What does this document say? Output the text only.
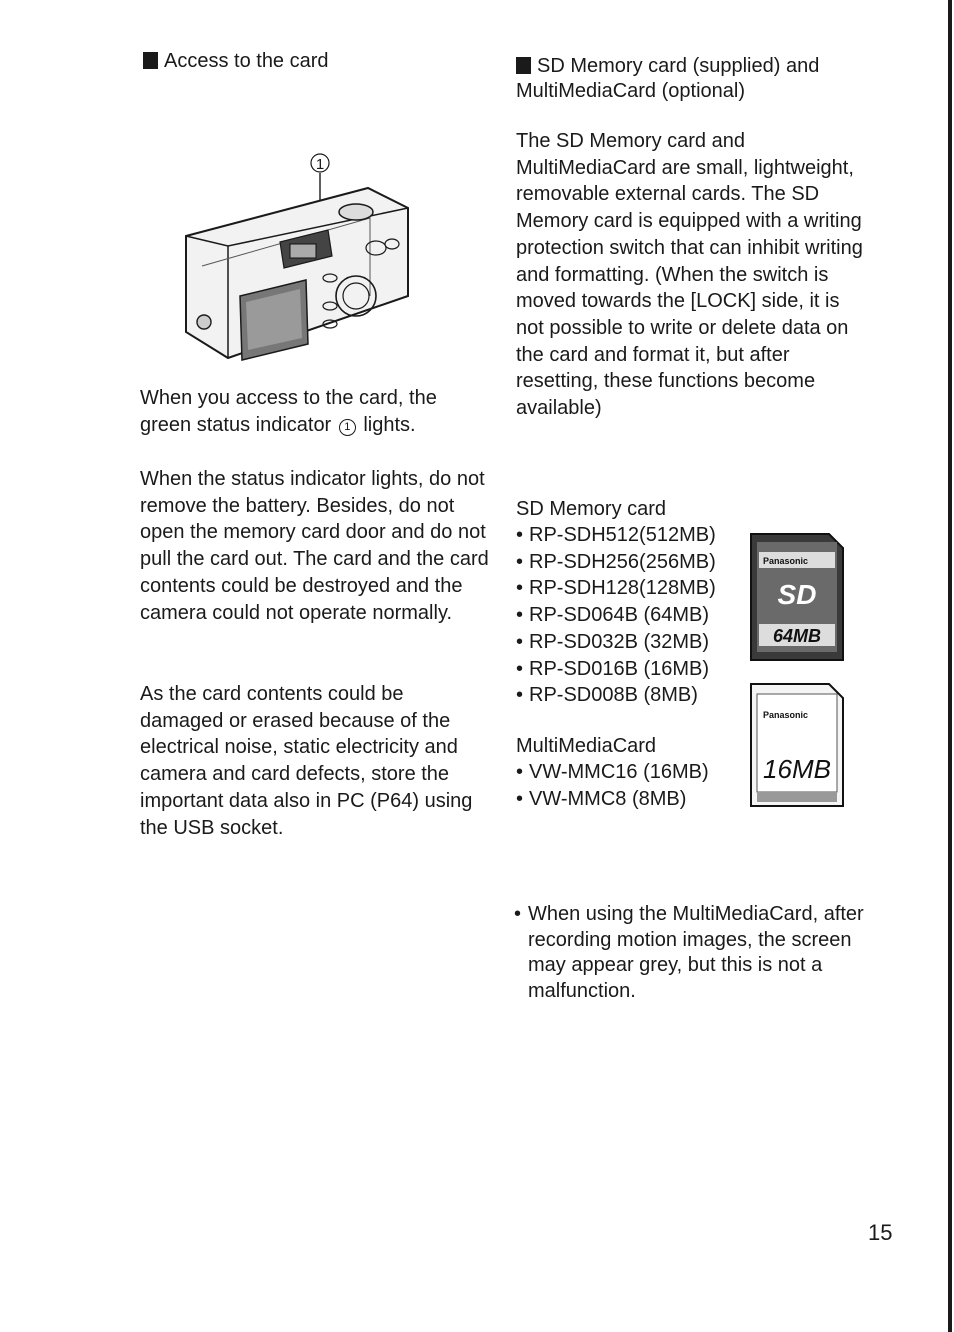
Access to the card
1

When you access to the card, the green status indicator 1 lights.

When the status indicator lights, do not remove the battery. Besides, do not open the memory card door and do not pull the card out. The card and the card contents could be destroyed and the camera could not operate normally.

As the card contents could be damaged or erased because of the electrical noise, static electricity and camera and card defects, store the important data also in PC (P64) using the USB socket.

SD Memory card (supplied) and
MultiMediaCard (optional)

The SD Memory card and MultiMediaCard are small, lightweight, removable external cards. The SD Memory card is equipped with a writing protection switch that can inhibit writing and formatting. (When the switch is moved towards the [LOCK] side, it is not possible to write or delete data on the card and format it, but after resetting, these functions become available)

SD Memory card
• RP-SDH512(512MB)
• RP-SDH256(256MB)
• RP-SDH128(128MB)
• RP-SD064B (64MB)
• RP-SD032B (32MB)
• RP-SD016B (16MB)
• RP-SD008B (8MB)
MultiMediaCard
• VW-MMC16 (16MB)
• VW-MMC8 (8MB)
Panasonic
SD
64MB
Panasonic
16MB
• When using the MultiMediaCard, after recording motion images, the screen may appear grey, but this is not a malfunction.
15
